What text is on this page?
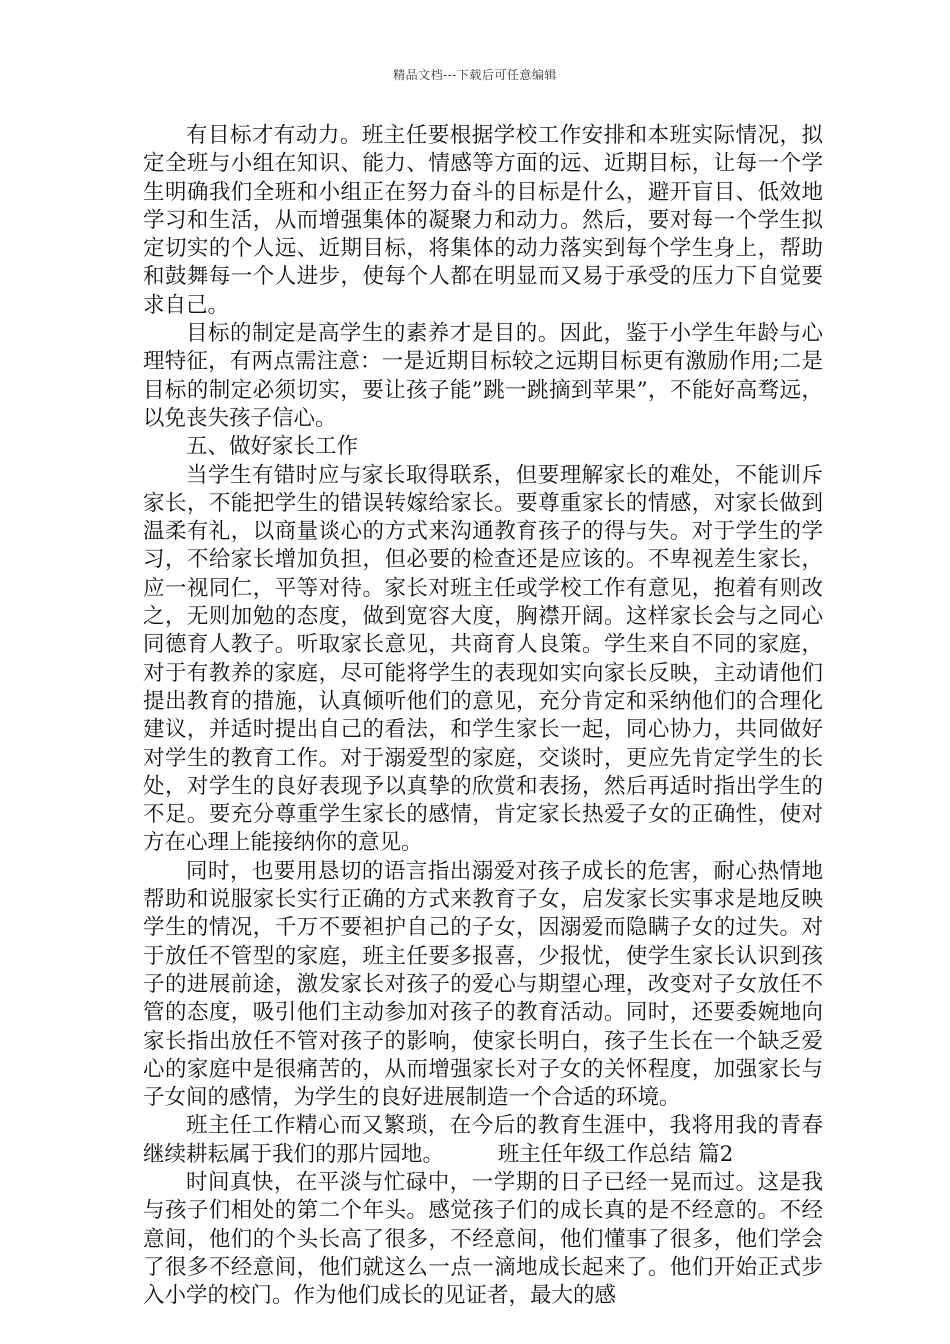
精品文档---下载后可任意编辑

有目标才有动力。班主任要根据学校工作安排和本班实际情况，拟定全班与小组在知识、能力、情感等方面的远、近期目标，让每一个学生明确我们全班和小组正在努力奋斗的目标是什么，避开盲目、低效地学习和生活，从而增强集体的凝聚力和动力。然后，要对每一个学生拟定切实的个人远、近期目标，将集体的动力落实到每个学生身上，帮助和鼓舞每一个人进步，使每个人都在明显而又易于承受的压力下自觉要求自己。

目标的制定是高学生的素养才是目的。因此，鉴于小学生年龄与心理特征，有两点需注意：一是近期目标较之远期目标更有激励作用;二是目标的制定必须切实，要让孩子能”跳一跳摘到苹果”，不能好高骛远，以免丧失孩子信心。

五、做好家长工作

当学生有错时应与家长取得联系，但要理解家长的难处，不能训斥家长，不能把学生的错误转嫁给家长。要尊重家长的情感，对家长做到温柔有礼，以商量谈心的方式来沟通教育孩子的得与失。对于学生的学习，不给家长增加负担，但必要的检查还是应该的。不卑视差生家长，应一视同仁，平等对待。家长对班主任或学校工作有意见，抱着有则改之，无则加勉的态度，做到宽容大度，胸襟开阔。这样家长会与之同心同德育人教子。听取家长意见，共商育人良策。学生来自不同的家庭，对于有教养的家庭，尽可能将学生的表现如实向家长反映，主动请他们提出教育的措施，认真倾听他们的意见，充分肯定和采纳他们的合理化建议，并适时提出自己的看法，和学生家长一起，同心协力，共同做好对学生的教育工作。对于溺爱型的家庭，交谈时，更应先肯定学生的长处，对学生的良好表现予以真挚的欣赏和表扬，然后再适时指出学生的不足。要充分尊重学生家长的感情，肯定家长热爱子女的正确性，使对方在心理上能接纳你的意见。

同时，也要用恳切的语言指出溺爱对孩子成长的危害，耐心热情地帮助和说服家长实行正确的方式来教育子女，启发家长实事求是地反映学生的情况，千万不要袒护自己的子女，因溺爱而隐瞒子女的过失。对于放任不管型的家庭，班主任要多报喜，少报忧，使学生家长认识到孩子的进展前途，激发家长对孩子的爱心与期望心理，改变对子女放任不管的态度，吸引他们主动参加对孩子的教育活动。同时，还要委婉地向家长指出放任不管对孩子的影响，使家长明白，孩子生长在一个缺乏爱心的家庭中是很痛苦的，从而增强家长对子女的关怀程度，加强家长与子女间的感情，为学生的良好进展制造一个合适的环境。

班主任工作精心而又繁琐，在今后的教育生涯中，我将用我的青春继续耕耘属于我们的那片园地。	班主任年级工作总结 篇2

时间真快，在平淡与忙碌中，一学期的日子已经一晃而过。这是我与孩子们相处的第二个年头。感觉孩子们的成长真的是不经意的。不经意间，他们的个头长高了很多，不经意间，他们懂事了很多，他们学会了很多不经意间，他们就这么一点一滴地成长起来了。他们开始正式步入小学的校门。作为他们成长的见证者，最大的感
